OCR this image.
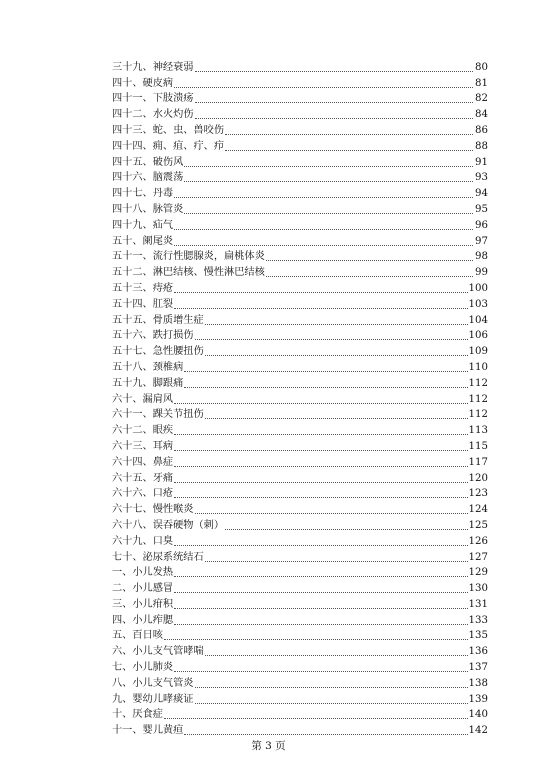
三十九、神经衰弱	80
四十、硬皮病	81
四十一、下肢溃疡	82
四十二、水火灼伤	84
四十三、蛇、虫、兽咬伤	86
四十四、痈、疽、疔、疖	88
四十五、破伤风	91
四十六、脑震荡	93
四十七、丹毒	94
四十八、脉管炎	95
四十九、疝气	96
五十、阑尾炎	97
五十一、流行性腮腺炎，扁桃体炎	98
五十二、淋巴结核、慢性淋巴结核	99
五十三、痔疮	100
五十四、肛裂	103
五十五、骨质增生症	104
五十六、跌打损伤	106
五十七、急性腰扭伤	109
五十八、颈椎病	110
五十九、脚跟痛	112
六十、漏肩风	112
六十一、踝关节扭伤	112
六十二、眼疾	113
六十三、耳病	115
六十四、鼻症	117
六十五、牙痛	120
六十六、口疮	123
六十七、慢性喉炎	124
六十八、误吞硬物（刺）	125
六十九、口臭	126
七十、泌尿系统结石	127
一、小儿发热	129
二、小儿感冒	130
三、小儿疳积	131
四、小儿痄腮	133
五、百日咳	135
六、小儿支气管哮喘	136
七、小儿肺炎	137
八、小儿支气管炎	138
九、婴幼儿哮痰证	139
十、厌食症	140
十一、婴儿黄疸	142
第 3 页
